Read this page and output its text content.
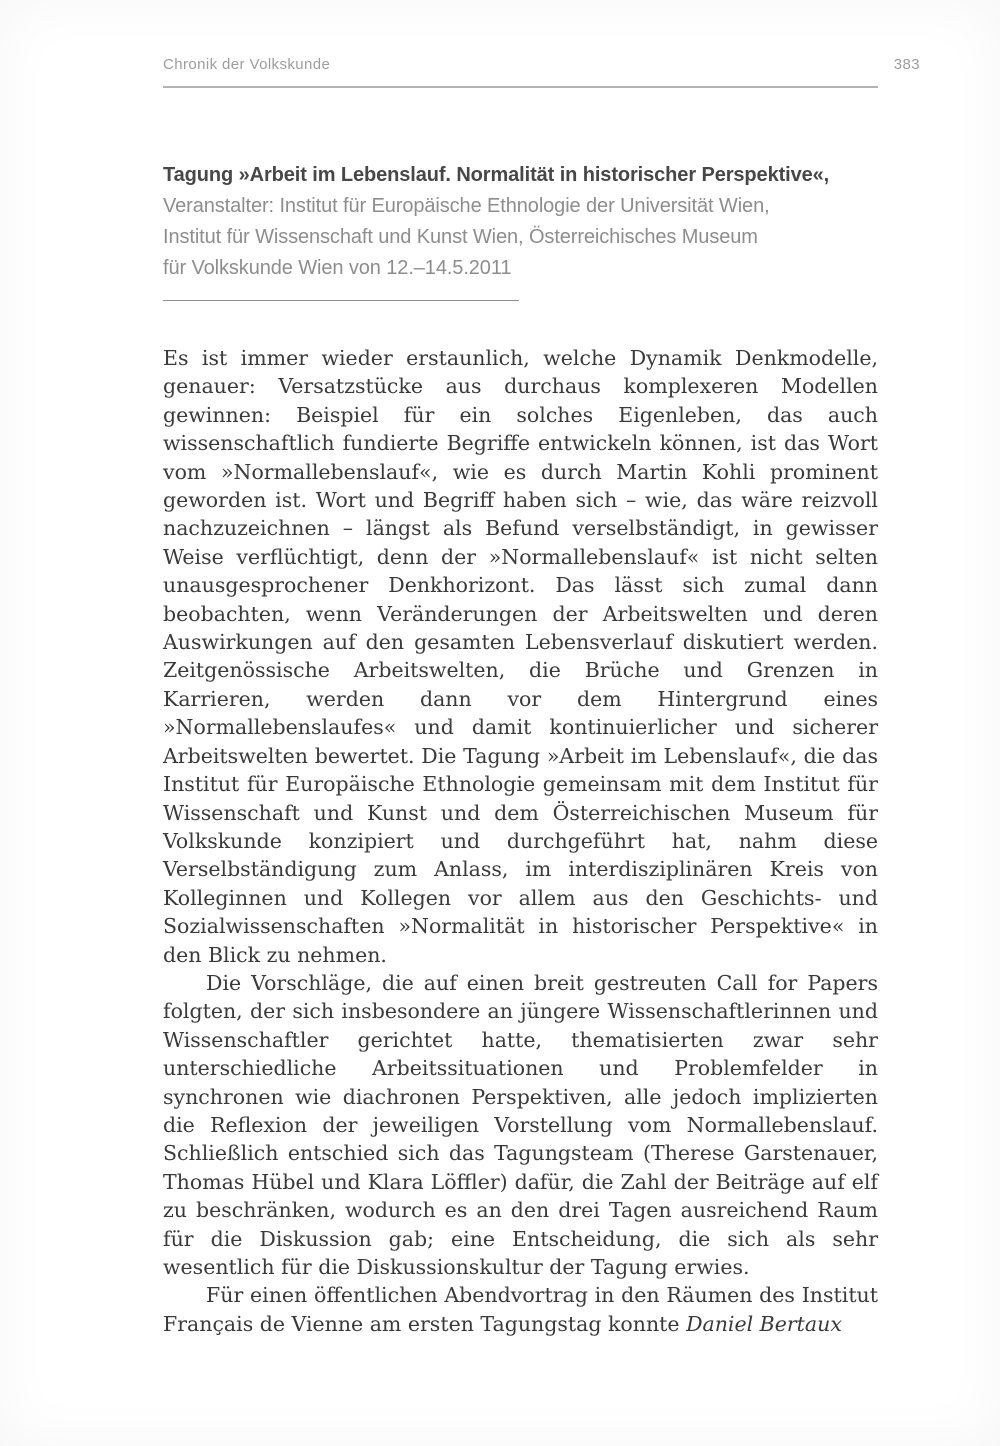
Chronik der Volkskunde	383
Tagung »Arbeit im Lebenslauf. Normalität in historischer Perspektive«,
Veranstalter: Institut für Europäische Ethnologie der Universität Wien,
Institut für Wissenschaft und Kunst Wien, Österreichisches Museum
für Volkskunde Wien von 12.–14.5.2011

Es ist immer wieder erstaunlich, welche Dynamik Denkmodelle, genauer: Versatzstücke aus durchaus komplexeren Modellen gewinnen: Beispiel für ein solches Eigenleben, das auch wissenschaftlich fundierte Begriffe entwickeln können, ist das Wort vom »Normallebenslauf«, wie es durch Martin Kohli prominent geworden ist. Wort und Begriff haben sich – wie, das wäre reizvoll nachzuzeichnen – längst als Befund verselbständigt, in gewisser Weise verflüchtigt, denn der »Normallebenslauf« ist nicht selten unausgesprochener Denkhorizont. Das lässt sich zumal dann beobachten, wenn Veränderungen der Arbeitswelten und deren Auswirkungen auf den gesamten Lebensverlauf diskutiert werden. Zeitgenössische Arbeitswelten, die Brüche und Grenzen in Karrieren, werden dann vor dem Hintergrund eines »Normallebenslaufes« und damit kontinuierlicher und sicherer Arbeitswelten bewertet. Die Tagung »Arbeit im Lebenslauf«, die das Institut für Europäische Ethnologie gemeinsam mit dem Institut für Wissenschaft und Kunst und dem Österreichischen Museum für Volkskunde konzipiert und durchgeführt hat, nahm diese Verselbständigung zum Anlass, im interdisziplinären Kreis von Kolleginnen und Kollegen vor allem aus den Geschichts- und Sozialwissenschaften »Normalität in historischer Perspektive« in den Blick zu nehmen.

Die Vorschläge, die auf einen breit gestreuten Call for Papers folgten, der sich insbesondere an jüngere Wissenschaftlerinnen und Wissenschaftler gerichtet hatte, thematisierten zwar sehr unterschiedliche Arbeitssituationen und Problemfelder in synchronen wie diachronen Perspektiven, alle jedoch implizierten die Reflexion der jeweiligen Vorstellung vom Normallebenslauf. Schließlich entschied sich das Tagungsteam (Therese Garstenauer, Thomas Hübel und Klara Löffler) dafür, die Zahl der Beiträge auf elf zu beschränken, wodurch es an den drei Tagen ausreichend Raum für die Diskussion gab; eine Entscheidung, die sich als sehr wesentlich für die Diskussionskultur der Tagung erwies.

Für einen öffentlichen Abendvortrag in den Räumen des Institut Français de Vienne am ersten Tagungstag konnte Daniel Bertaux
